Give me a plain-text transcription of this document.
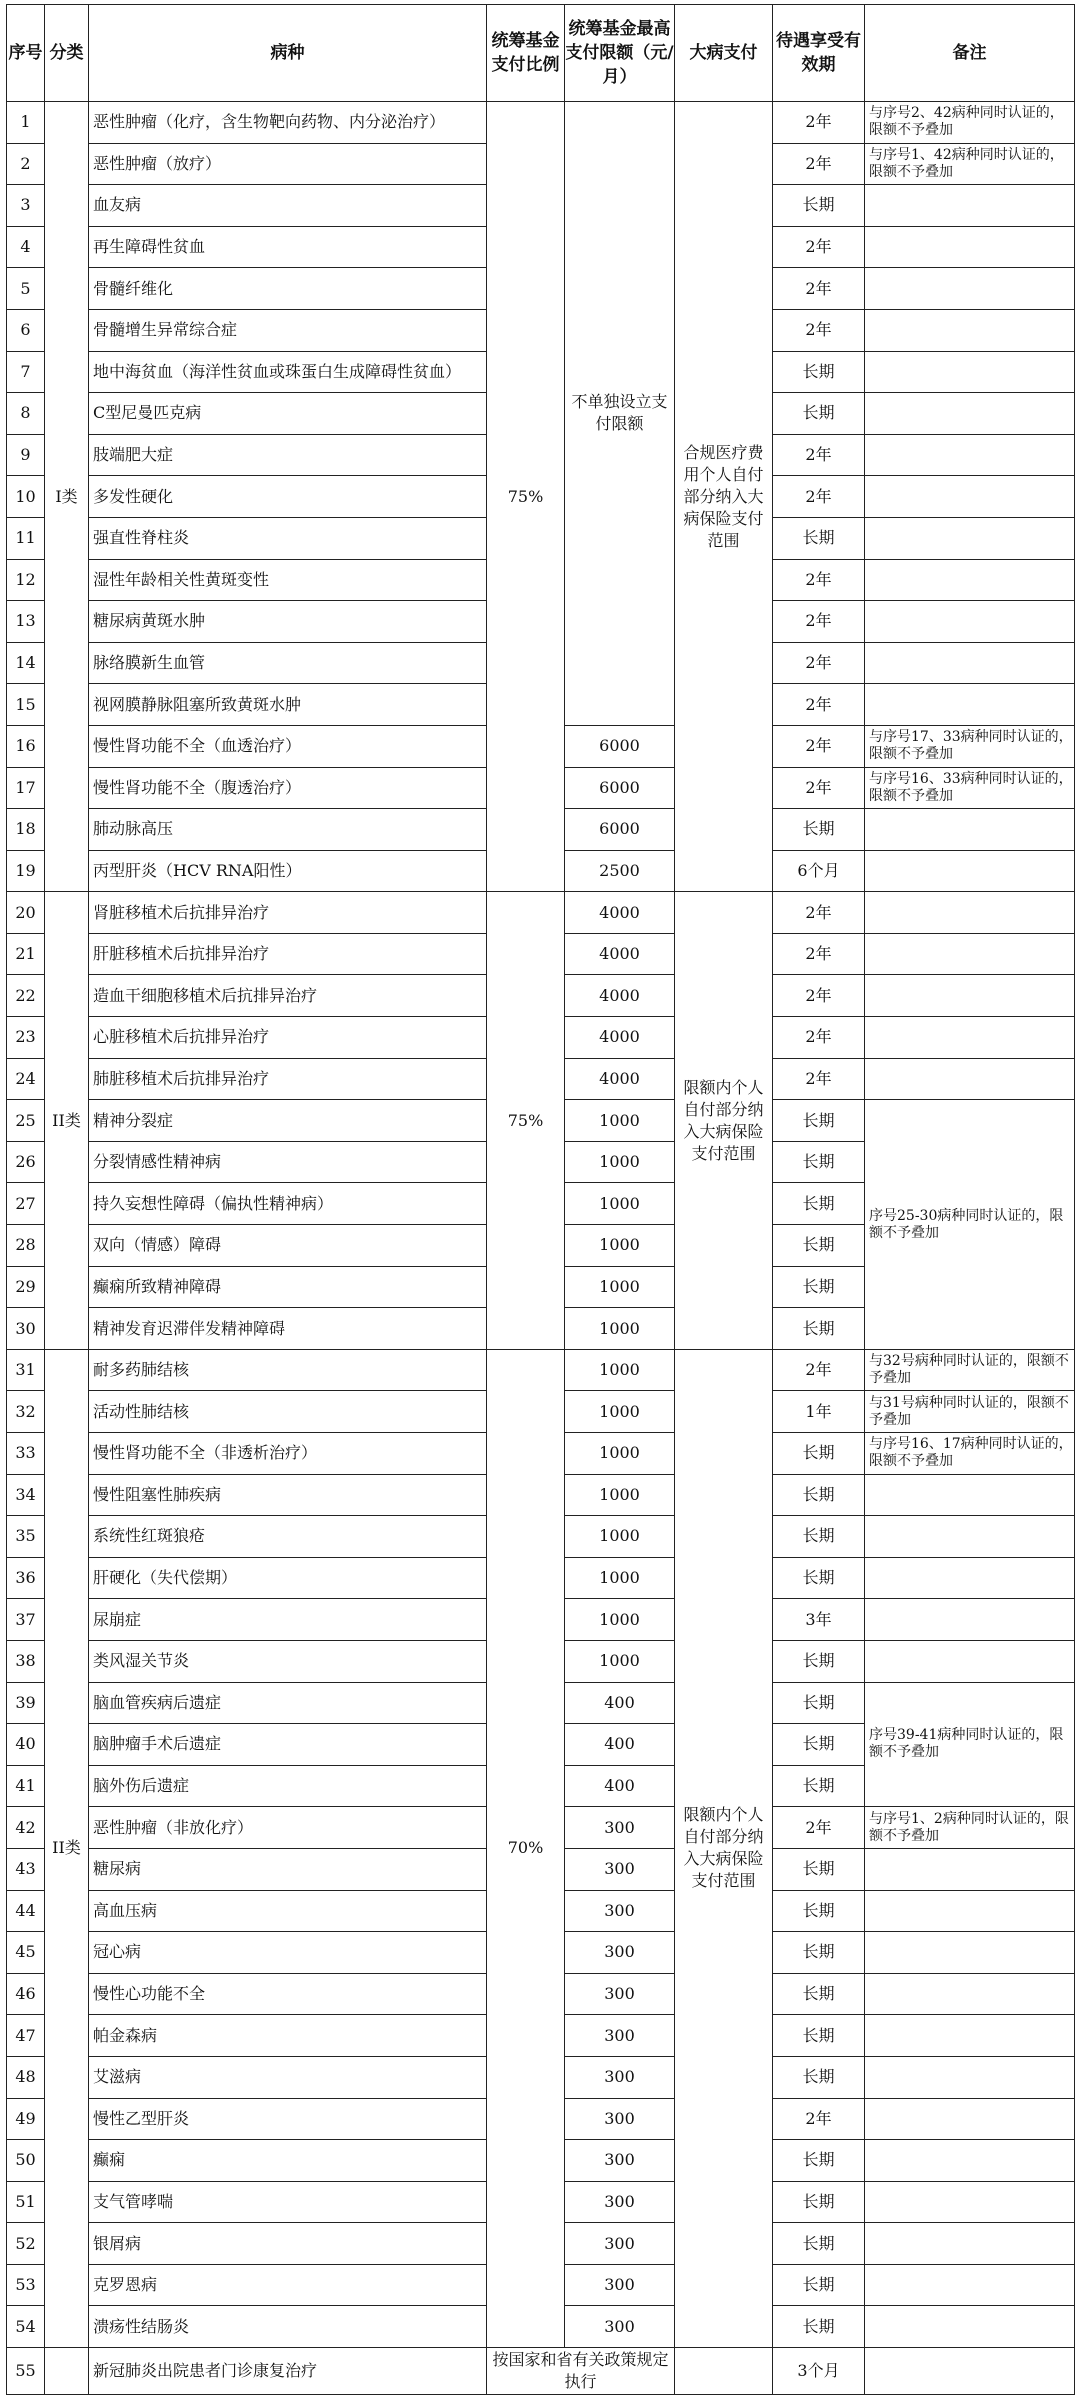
序号	分类	病种	统筹基金支付比例	统筹基金最高支付限额（元/月）	大病支付	待遇享受有效期	备注
1	I类	恶性肿瘤（化疗，含生物靶向药物、内分泌治疗）	75%	不单独设立支付限额	合规医疗费用个人自付部分纳入大病保险支付范围	2年	与序号2、42病种同时认证的，限额不予叠加
2		恶性肿瘤（放疗）				2年	与序号1、42病种同时认证的，限额不予叠加
3		血友病				长期	
4		再生障碍性贫血				2年	
5		骨髓纤维化				2年	
6		骨髓增生异常综合症				2年	
7		地中海贫血（海洋性贫血或珠蛋白生成障碍性贫血）				长期	
8		C型尼曼匹克病				长期	
9		肢端肥大症				2年	
10		多发性硬化				2年	
11		强直性脊柱炎				长期	
12		湿性年龄相关性黄斑变性				2年	
13		糖尿病黄斑水肿				2年	
14		脉络膜新生血管				2年	
15		视网膜静脉阻塞所致黄斑水肿				2年	
16		慢性肾功能不全（血透治疗）		6000		2年	与序号17、33病种同时认证的，限额不予叠加
17		慢性肾功能不全（腹透治疗）		6000		2年	与序号16、33病种同时认证的，限额不予叠加
18		肺动脉高压		6000		长期	
19		丙型肝炎（HCV RNA阳性）		2500		6个月	
20	II类	肾脏移植术后抗排异治疗	75%	4000	限额内个人自付部分纳入大病保险支付范围	2年	
21		肝脏移植术后抗排异治疗		4000		2年	
22		造血干细胞移植术后抗排异治疗		4000		2年	
23		心脏移植术后抗排异治疗		4000		2年	
24		肺脏移植术后抗排异治疗		4000		2年	
25		精神分裂症		1000		长期	序号25-30病种同时认证的，限额不予叠加
26		分裂情感性精神病		1000		长期	
27		持久妄想性障碍（偏执性精神病）		1000		长期	
28		双向（情感）障碍		1000		长期	
29		癫痫所致精神障碍		1000		长期	
30		精神发育迟滞伴发精神障碍		1000		长期	
31	II类	耐多药肺结核	70%	1000	限额内个人自付部分纳入大病保险支付范围	2年	与32号病种同时认证的，限额不予叠加
32		活动性肺结核		1000		1年	与31号病种同时认证的，限额不予叠加
33		慢性肾功能不全（非透析治疗）		1000		长期	与序号16、17病种同时认证的，限额不予叠加
34		慢性阻塞性肺疾病		1000		长期	
35		系统性红斑狼疮		1000		长期	
36		肝硬化（失代偿期）		1000		长期	
37		尿崩症		1000		3年	
38		类风湿关节炎		1000		长期	
39		脑血管疾病后遗症		400		长期	序号39-41病种同时认证的，限额不予叠加
40		脑肿瘤手术后遗症		400		长期	
41		脑外伤后遗症		400		长期	
42		恶性肿瘤（非放化疗）		300		2年	与序号1、2病种同时认证的，限额不予叠加
43		糖尿病		300		长期	
44		高血压病		300		长期	
45		冠心病		300		长期	
46		慢性心功能不全		300		长期	
47		帕金森病		300		长期	
48		艾滋病		300		长期	
49		慢性乙型肝炎		300		2年	
50		癫痫		300		长期	
51		支气管哮喘		300		长期	
52		银屑病		300		长期	
53		克罗恩病		300		长期	
54		溃疡性结肠炎		300		长期	
55		新冠肺炎出院患者门诊康复治疗	按国家和省有关政策规定执行			3个月	
